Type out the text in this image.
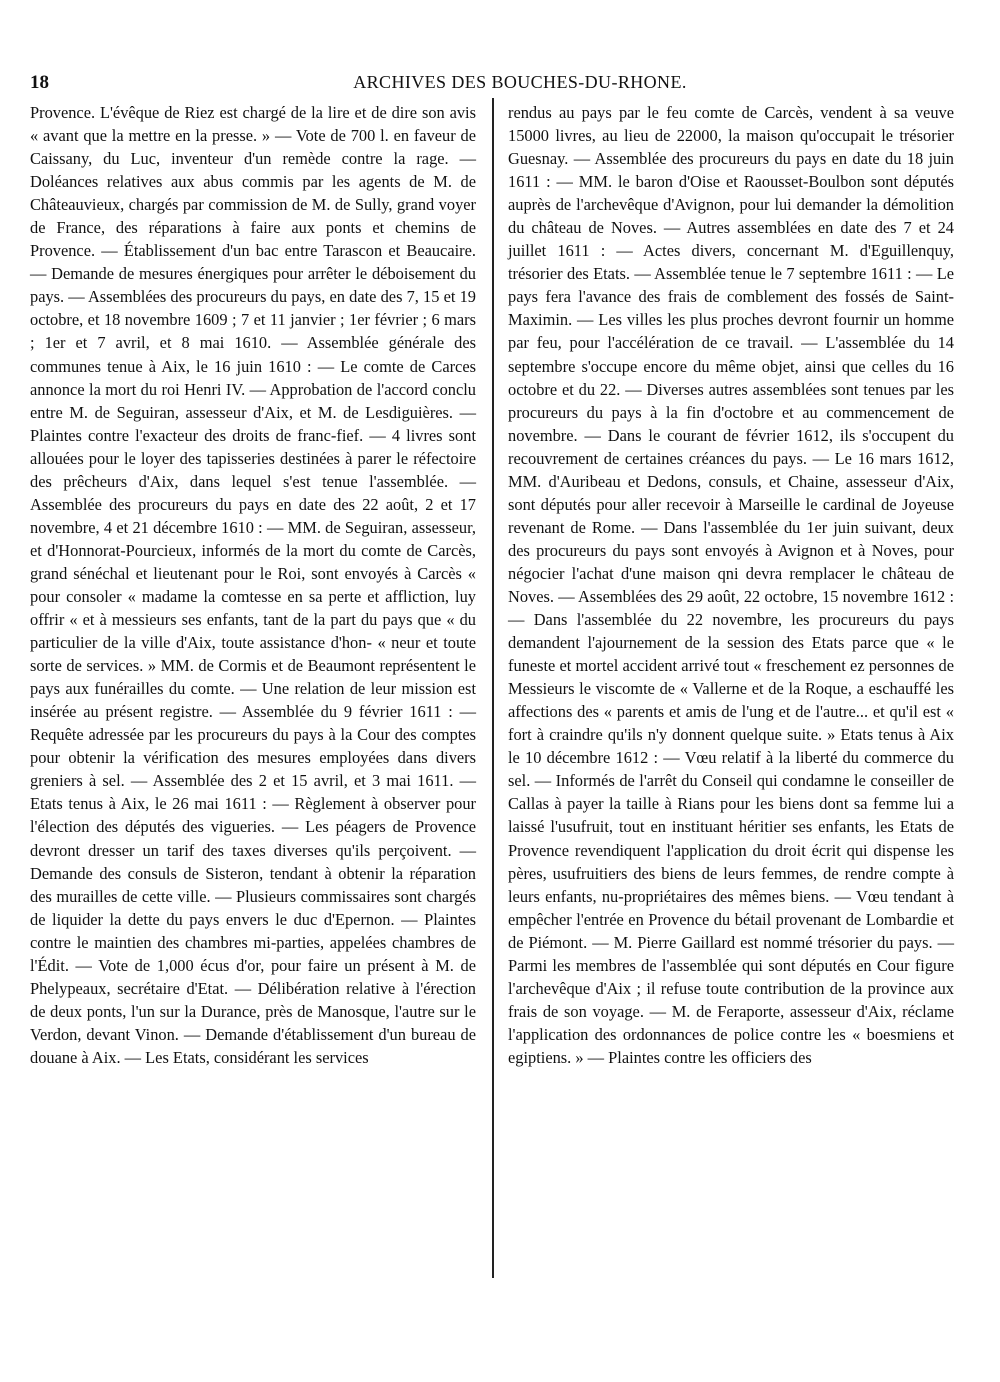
18	ARCHIVES DES BOUCHES-DU-RHONE.
Provence. L'évêque de Riez est chargé de la lire et de dire son avis « avant que la mettre en la presse. » — Vote de 700 l. en faveur de Caissany, du Luc, inventeur d'un remède contre la rage. — Doléances relatives aux abus commis par les agents de M. de Châteauvieux, chargés par commission de M. de Sully, grand voyer de France, des réparations à faire aux ponts et chemins de Provence. — Établissement d'un bac entre Tarascon et Beaucaire. — Demande de mesures énergiques pour arrêter le déboisement du pays. — Assemblées des procureurs du pays, en date des 7, 15 et 19 octobre, et 18 novembre 1609 ; 7 et 11 janvier ; 1er février ; 6 mars ; 1er et 7 avril, et 8 mai 1610. — Assemblée générale des communes tenue à Aix, le 16 juin 1610 : — Le comte de Carces annonce la mort du roi Henri IV. — Approbation de l'accord conclu entre M. de Seguiran, assesseur d'Aix, et M. de Lesdiguières. — Plaintes contre l'exacteur des droits de franc-fief. — 4 livres sont allouées pour le loyer des tapisseries destinées à parer le réfectoire des prêcheurs d'Aix, dans lequel s'est tenue l'assemblée. — Assemblée des procureurs du pays en date des 22 août, 2 et 17 novembre, 4 et 21 décembre 1610 : — MM. de Seguiran, assesseur, et d'Honnorat-Pourcieux, informés de la mort du comte de Carcès, grand sénéchal et lieutenant pour le Roi, sont envoyés à Carcès « pour consoler « madame la comtesse en sa perte et affliction, luy offrir « et à messieurs ses enfants, tant de la part du pays que « du particulier de la ville d'Aix, toute assistance d'hon- « neur et toute sorte de services. » MM. de Cormis et de Beaumont représentent le pays aux funérailles du comte. — Une relation de leur mission est insérée au présent registre. — Assemblée du 9 février 1611 : — Requête adressée par les procureurs du pays à la Cour des comptes pour obtenir la vérification des mesures employées dans divers greniers à sel. — Assemblée des 2 et 15 avril, et 3 mai 1611. — Etats tenus à Aix, le 26 mai 1611 : — Règlement à observer pour l'élection des députés des vigueries. — Les péagers de Provence devront dresser un tarif des taxes diverses qu'ils perçoivent. — Demande des consuls de Sisteron, tendant à obtenir la réparation des murailles de cette ville. — Plusieurs commissaires sont chargés de liquider la dette du pays envers le duc d'Epernon. — Plaintes contre le maintien des chambres mi-parties, appelées chambres de l'Édit. — Vote de 1,000 écus d'or, pour faire un présent à M. de Phelypeaux, secrétaire d'Etat. — Délibération relative à l'érection de deux ponts, l'un sur la Durance, près de Manosque, l'autre sur le Verdon, devant Vinon. — Demande d'établissement d'un bureau de douane à Aix. — Les Etats, considérant les services
rendus au pays par le feu comte de Carcès, vendent à sa veuve 15000 livres, au lieu de 22000, la maison qu'occupait le trésorier Guesnay. — Assemblée des procureurs du pays en date du 18 juin 1611 : — MM. le baron d'Oise et Raousset-Boulbon sont députés auprès de l'archevêque d'Avignon, pour lui demander la démolition du château de Noves. — Autres assemblées en date des 7 et 24 juillet 1611 : — Actes divers, concernant M. d'Eguillenquy, trésorier des Etats. — Assemblée tenue le 7 septembre 1611 : — Le pays fera l'avance des frais de comblement des fossés de Saint-Maximin. — Les villes les plus proches devront fournir un homme par feu, pour l'accélération de ce travail. — L'assemblée du 14 septembre s'occupe encore du même objet, ainsi que celles du 16 octobre et du 22. — Diverses autres assemblées sont tenues par les procureurs du pays à la fin d'octobre et au commencement de novembre. — Dans le courant de février 1612, ils s'occupent du recouvrement de certaines créances du pays. — Le 16 mars 1612, MM. d'Auribeau et Dedons, consuls, et Chaine, assesseur d'Aix, sont députés pour aller recevoir à Marseille le cardinal de Joyeuse revenant de Rome. — Dans l'assemblée du 1er juin suivant, deux des procureurs du pays sont envoyés à Avignon et à Noves, pour négocier l'achat d'une maison qni devra remplacer le château de Noves. — Assemblées des 29 août, 22 octobre, 15 novembre 1612 : — Dans l'assemblée du 22 novembre, les procureurs du pays demandent l'ajournement de la session des Etats parce que « le funeste et mortel accident arrivé tout « freschement ez personnes de Messieurs le viscomte de « Vallerne et de la Roque, a eschauffé les affections des « parents et amis de l'ung et de l'autre... et qu'il est « fort à craindre qu'ils n'y donnent quelque suite. » Etats tenus à Aix le 10 décembre 1612 : — Vœu relatif à la liberté du commerce du sel. — Informés de l'arrêt du Conseil qui condamne le conseiller de Callas à payer la taille à Rians pour les biens dont sa femme lui a laissé l'usufruit, tout en instituant héritier ses enfants, les Etats de Provence revendiquent l'application du droit écrit qui dispense les pères, usufruitiers des biens de leurs femmes, de rendre compte à leurs enfants, nu-propriétaires des mêmes biens. — Vœu tendant à empêcher l'entrée en Provence du bétail provenant de Lombardie et de Piémont. — M. Pierre Gaillard est nommé trésorier du pays. — Parmi les membres de l'assemblée qui sont députés en Cour figure l'archevêque d'Aix ; il refuse toute contribution de la province aux frais de son voyage. — M. de Feraporte, assesseur d'Aix, réclame l'application des ordonnances de police contre les « boesmiens et egiptiens. » — Plaintes contre les officiers des
